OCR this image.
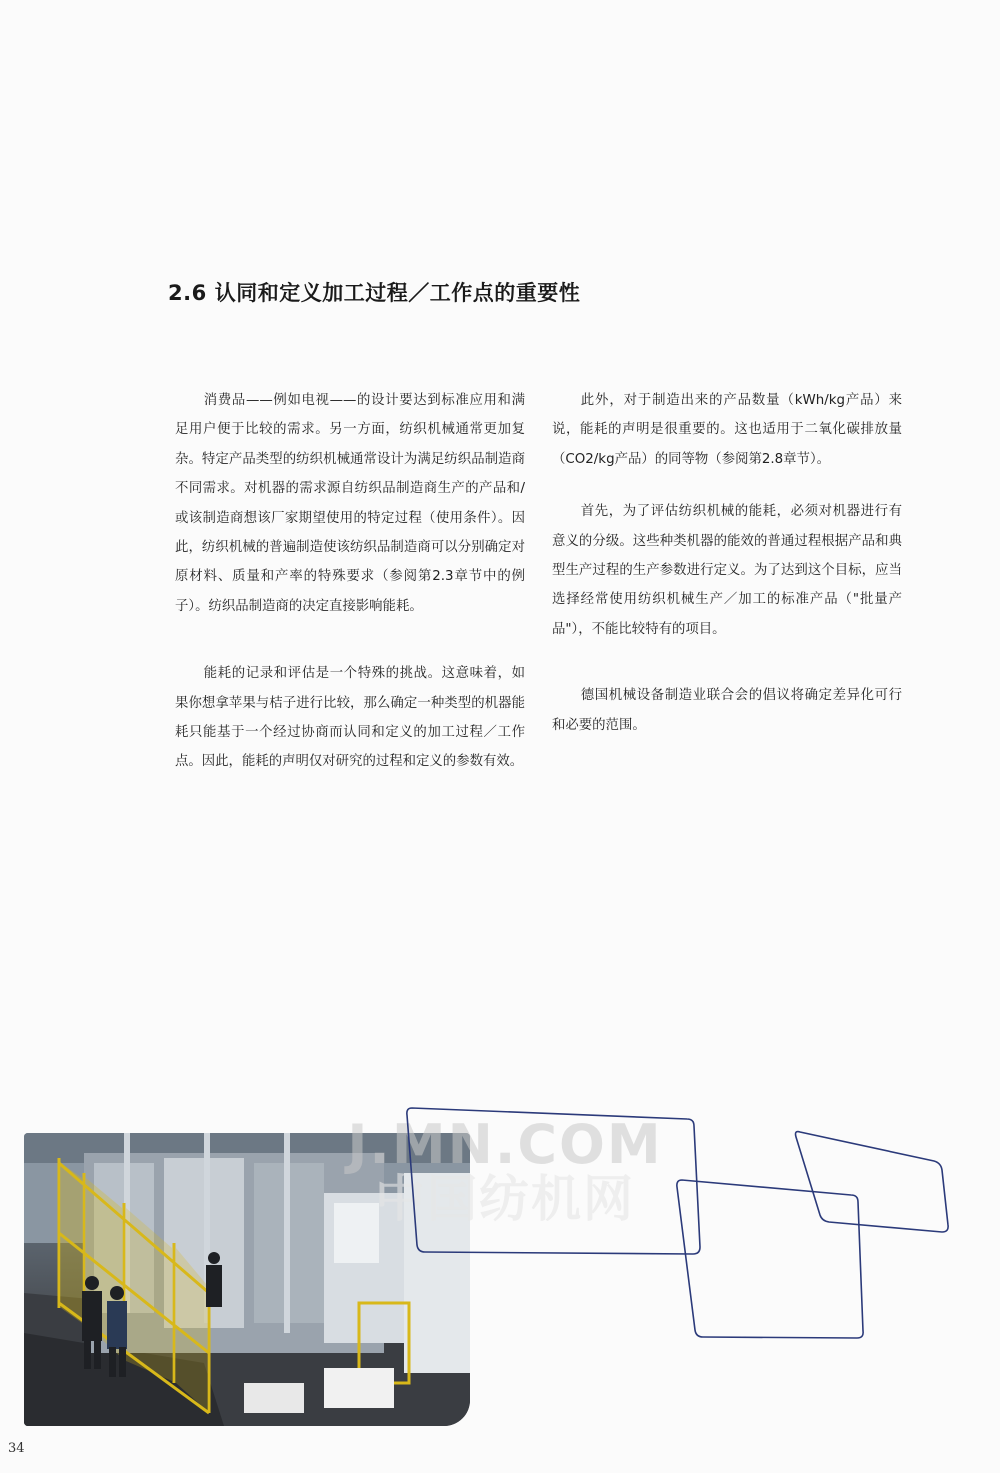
2.6 认同和定义加工过程／工作点的重要性

消费品——例如电视——的设计要达到标准应用和满足用户便于比较的需求。另一方面，纺织机械通常更加复杂。特定产品类型的纺织机械通常设计为满足纺织品制造商不同需求。对机器的需求源自纺织品制造商生产的产品和/或该制造商想该厂家期望使用的特定过程（使用条件）。因此，纺织机械的普遍制造使该纺织品制造商可以分别确定对原材料、质量和产率的特殊要求（参阅第2.3章节中的例子）。纺织品制造商的决定直接影响能耗。

能耗的记录和评估是一个特殊的挑战。这意味着，如果你想拿苹果与桔子进行比较，那么确定一种类型的机器能耗只能基于一个经过协商而认同和定义的加工过程／工作点。因此，能耗的声明仅对研究的过程和定义的参数有效。

此外，对于制造出来的产品数量（kWh/kg产品）来说，能耗的声明是很重要的。这也适用于二氧化碳排放量（CO2/kg产品）的同等物（参阅第2.8章节）。

首先，为了评估纺织机械的能耗，必须对机器进行有意义的分级。这些种类机器的能效的普通过程根据产品和典型生产过程的生产参数进行定义。为了达到这个目标，应当选择经常使用纺织机械生产／加工的标准产品（"批量产品"），不能比较特有的项目。

德国机械设备制造业联合会的倡议将确定差异化可行和必要的范围。

J.MN.COM
中国纺机网
34
